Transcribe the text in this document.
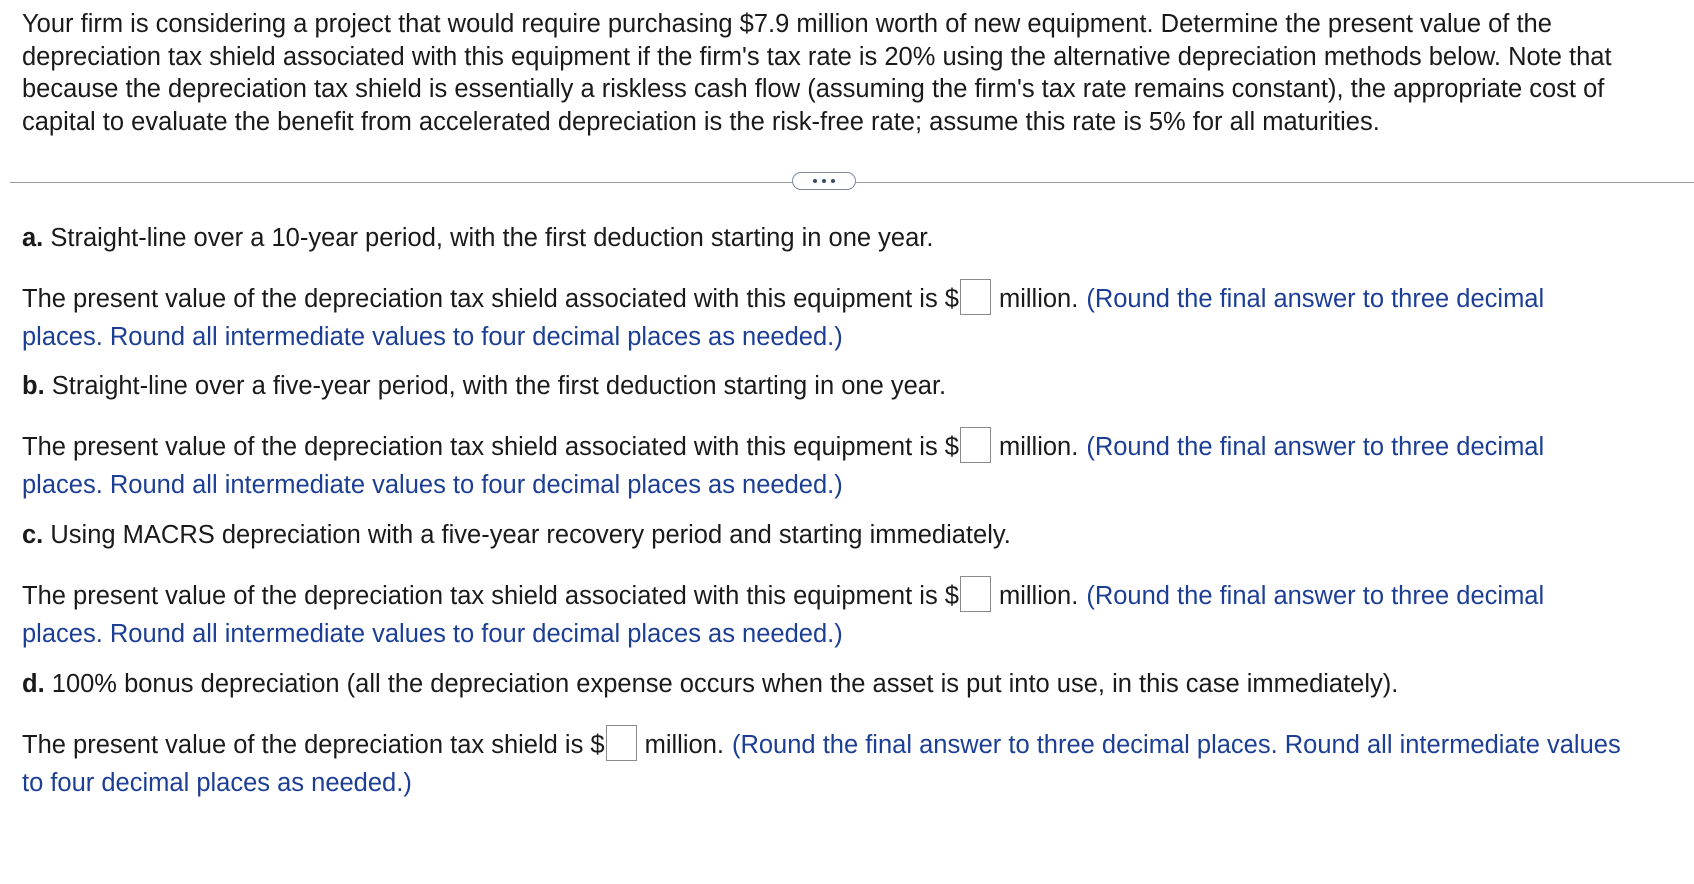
Your firm is considering a project that would require purchasing $7.9 million worth of new equipment. Determine the present value of the depreciation tax shield associated with this equipment if the firm's tax rate is 20% using the alternative depreciation methods below. Note that because the depreciation tax shield is essentially a riskless cash flow (assuming the firm's tax rate remains constant), the appropriate cost of capital to evaluate the benefit from accelerated depreciation is the risk-free rate; assume this rate is 5% for all maturities.

a. Straight-line over a 10-year period, with the first deduction starting in one year.

The present value of the depreciation tax shield associated with this equipment is $ million. (Round the final answer to three decimal
places. Round all intermediate values to four decimal places as needed.)

b. Straight-line over a five-year period, with the first deduction starting in one year.

The present value of the depreciation tax shield associated with this equipment is $ million. (Round the final answer to three decimal
places. Round all intermediate values to four decimal places as needed.)

c. Using MACRS depreciation with a five-year recovery period and starting immediately.

The present value of the depreciation tax shield associated with this equipment is $ million. (Round the final answer to three decimal
places. Round all intermediate values to four decimal places as needed.)

d. 100% bonus depreciation (all the depreciation expense occurs when the asset is put into use, in this case immediately).

The present value of the depreciation tax shield is $ million. (Round the final answer to three decimal places. Round all intermediate values
to four decimal places as needed.)
